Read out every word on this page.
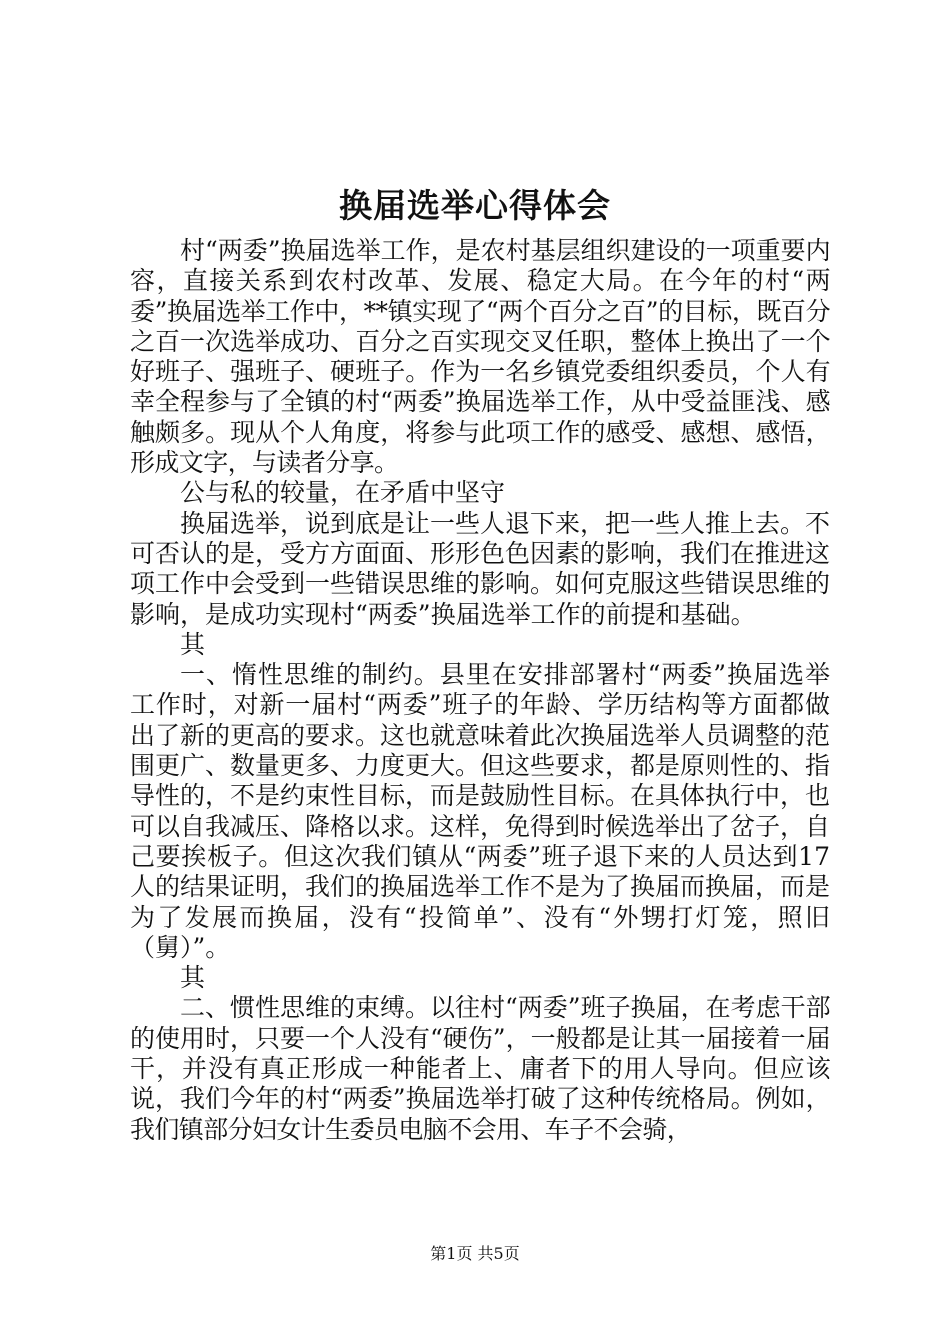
换届选举心得体会

村“两委”换届选举工作，是农村基层组织建设的一项重要内容，直接关系到农村改革、发展、稳定大局。在今年的村“两委”换届选举工作中，**镇实现了“两个百分之百”的目标，既百分之百一次选举成功、百分之百实现交叉任职，整体上换出了一个好班子、强班子、硬班子。作为一名乡镇党委组织委员，个人有幸全程参与了全镇的村“两委”换届选举工作，从中受益匪浅、感触颇多。现从个人角度，将参与此项工作的感受、感想、感悟，形成文字，与读者分享。

公与私的较量，在矛盾中坚守

换届选举，说到底是让一些人退下来，把一些人推上去。不可否认的是，受方方面面、形形色色因素的影响，我们在推进这项工作中会受到一些错误思维的影响。如何克服这些错误思维的影响，是成功实现村“两委”换届选举工作的前提和基础。

其

一、惰性思维的制约。县里在安排部署村“两委”换届选举工作时，对新一届村“两委”班子的年龄、学历结构等方面都做出了新的更高的要求。这也就意味着此次换届选举人员调整的范围更广、数量更多、力度更大。但这些要求，都是原则性的、指导性的，不是约束性目标，而是鼓励性目标。在具体执行中，也可以自我减压、降格以求。这样，免得到时候选举出了岔子，自己要挨板子。但这次我们镇从“两委”班子退下来的人员达到17人的结果证明，我们的换届选举工作不是为了换届而换届，而是为了发展而换届，没有“投简单”、没有“外甥打灯笼，照旧（舅）”。

其

二、惯性思维的束缚。以往村“两委”班子换届，在考虑干部的使用时，只要一个人没有“硬伤”，一般都是让其一届接着一届干，并没有真正形成一种能者上、庸者下的用人导向。但应该说，我们今年的村“两委”换届选举打破了这种传统格局。例如，我们镇部分妇女计生委员电脑不会用、车子不会骑，

第1页 共5页
